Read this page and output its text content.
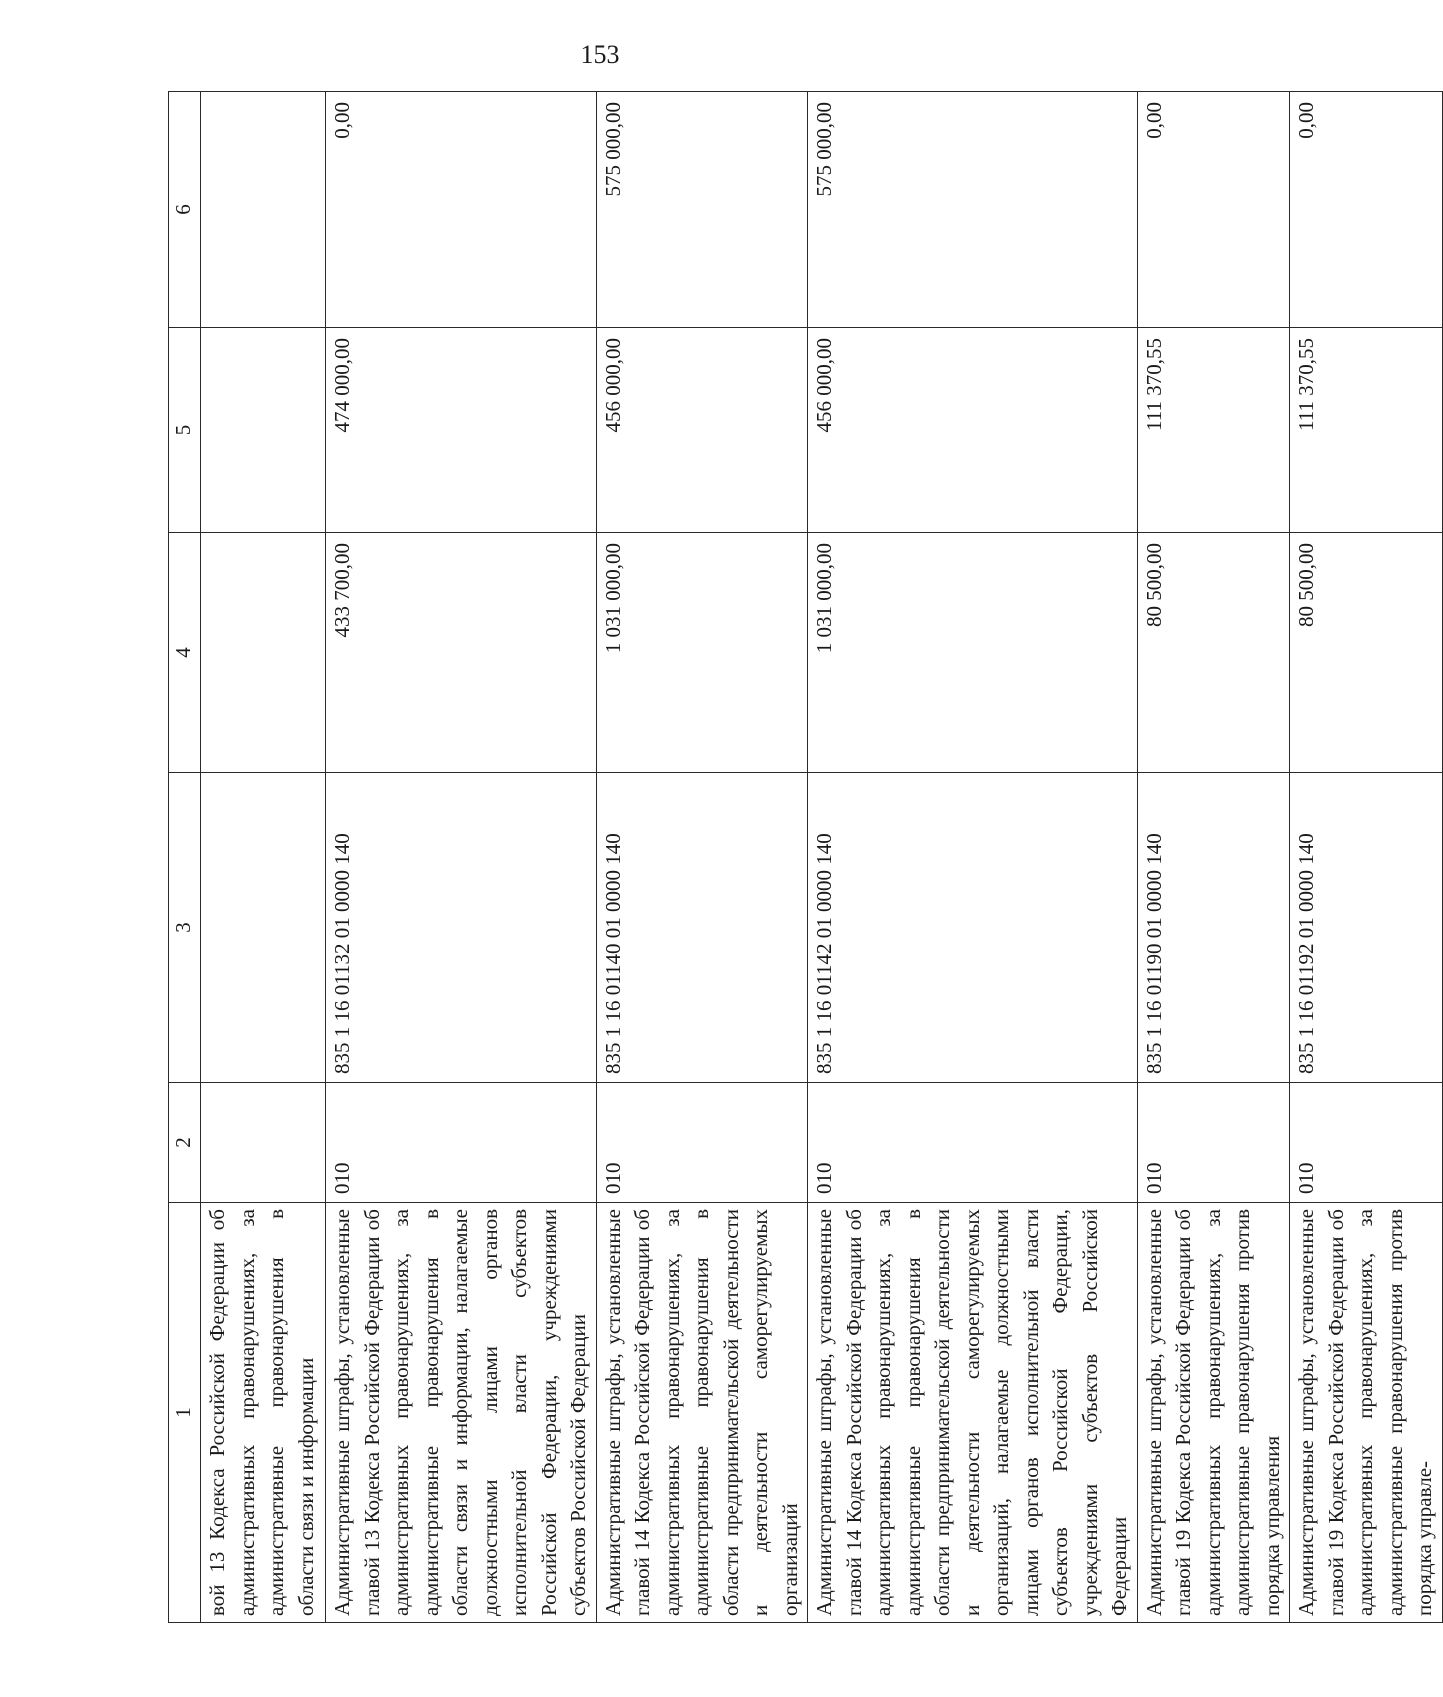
153
1	2	3	4	5	6
вой 13 Кодекса Российской Федерации об административных правонарушениях, за административные правонарушения в области связи и информации					
Административные штрафы, установленные главой 13 Кодекса Российской Федерации об административных правонарушениях, за административные правонарушения в области связи и информации, налагаемые должностными лицами органов исполнительной власти субъектов Российской Федерации, учреждениями субъектов Российской Федерации	010	835 1 16 01132 01 0000 140	433 700,00	474 000,00	0,00
Административные штрафы, установленные главой 14 Кодекса Российской Федерации об административных правонарушениях, за административные правонарушения в области предпринимательской деятельности и деятельности саморегулируемых организаций	010	835 1 16 01140 01 0000 140	1 031 000,00	456 000,00	575 000,00
Административные штрафы, установленные главой 14 Кодекса Российской Федерации об административных правонарушениях, за административные правонарушения в области предпринимательской деятельности и деятельности саморегулируемых организаций, налагаемые должностными лицами органов исполнительной власти субъектов Российской Федерации, учреждениями субъектов Российской Федерации	010	835 1 16 01142 01 0000 140	1 031 000,00	456 000,00	575 000,00
Административные штрафы, установленные главой 19 Кодекса Российской Федерации об административных правонарушениях, за административные правонарушения против порядка управления	010	835 1 16 01190 01 0000 140	80 500,00	111 370,55	0,00
Административные штрафы, установленные главой 19 Кодекса Российской Федерации об административных правонарушениях, за административные правонарушения против порядка управле-	010	835 1 16 01192 01 0000 140	80 500,00	111 370,55	0,00
